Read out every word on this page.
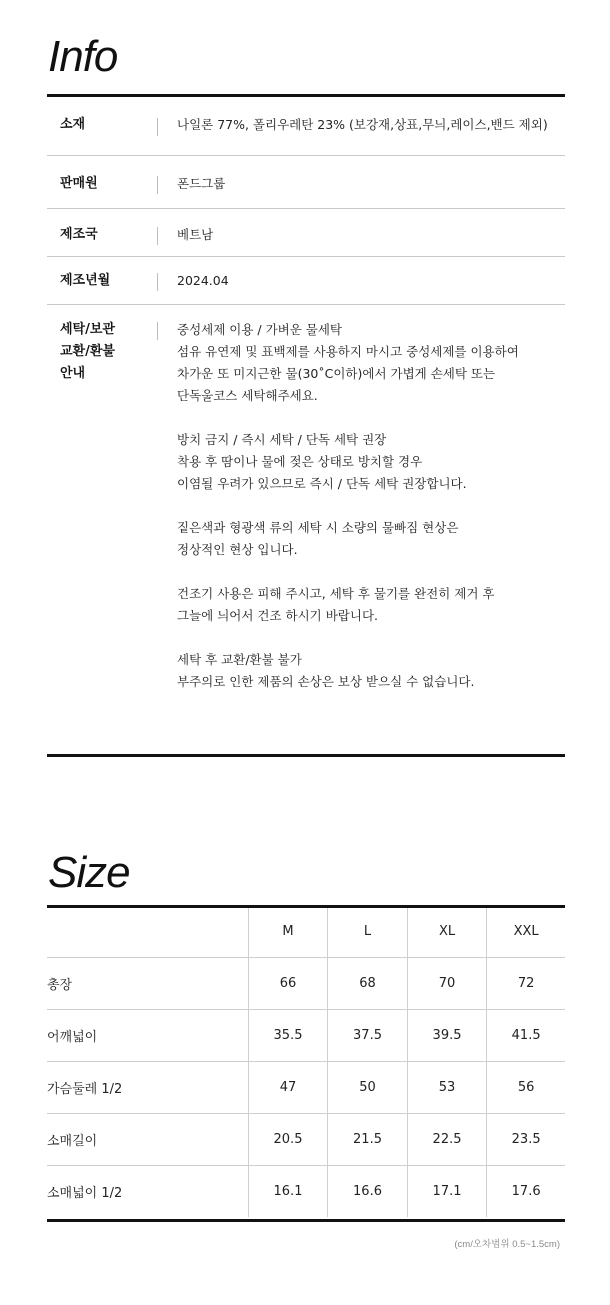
Info
소재	나일론 77%, 폴리우레탄 23% (보강재,상표,무늬,레이스,밴드 제외)
판매원	폰드그룹
제조국	베트남
제조년월	2024.04
세탁/보관
교환/환불
안내
중성세제 이용 / 가벼운 물세탁
섬유 유연제 및 표백제를 사용하지 마시고 중성세제를 이용하여
차가운 또 미지근한 물(30˚C이하)에서 가볍게 손세탁 또는
단독울코스 세탁해주세요.
방치 금지 / 즉시 세탁 / 단독 세탁 권장
착용 후 땀이나 물에 젖은 상태로 방치할 경우
이염될 우려가 있으므로 즉시 / 단독 세탁 권장합니다.
짙은색과 형광색 류의 세탁 시 소량의 물빠짐 현상은
정상적인 현상 입니다.
건조기 사용은 피해 주시고, 세탁 후 물기를 완전히 제거 후
그늘에 늬어서 건조 하시기 바랍니다.
세탁 후 교환/환불 불가
부주의로 인한 제품의 손상은 보상 받으실 수 없습니다.
Size
	M	L	XL	XXL
총장	66	68	70	72
어깨넓이	35.5	37.5	39.5	41.5
가슴둘레 1/2	47	50	53	56
소매길이	20.5	21.5	22.5	23.5
소매넓이 1/2	16.1	16.6	17.1	17.6
(cm/오차범위 0.5~1.5cm)
